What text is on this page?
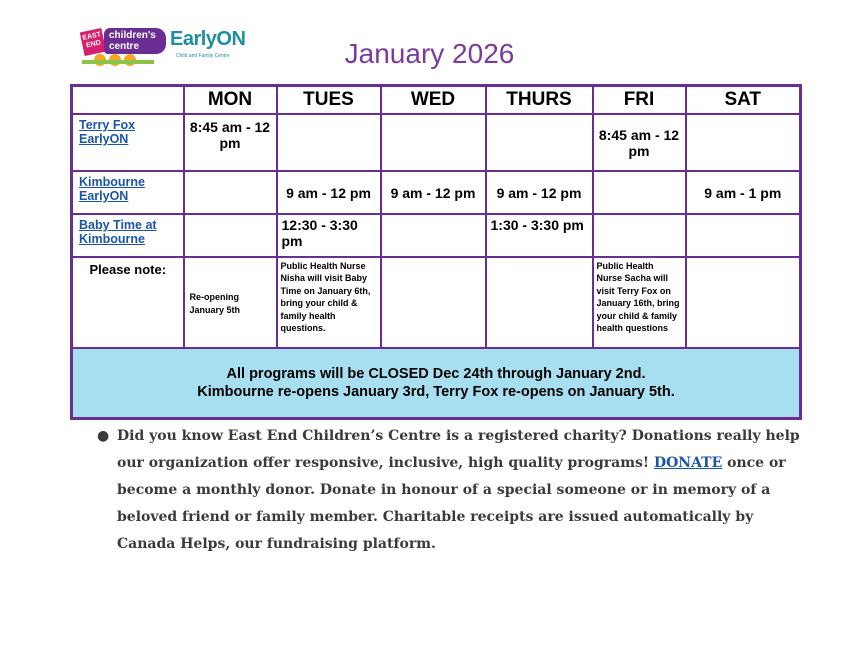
EAST END
children's centre	EarlyON
Child and Family Centre	January 2026
	MON	TUES	WED	THURS	FRI	SAT
Terry Fox EarlyON	8:45 am - 12 pm				8:45 am - 12 pm	
Kimbourne EarlyON		9 am - 12 pm	9 am - 12 pm	9 am - 12 pm		9 am - 1 pm
Baby Time at Kimbourne		12:30 - 3:30 pm		1:30 - 3:30 pm		
Please note:	Re-opening January 5th	Public Health Nurse Nisha will visit Baby Time on January 6th, bring your child & family health questions.			Public Health Nurse Sacha will visit Terry Fox on January 16th, bring your child & family health questions	

All programs will be CLOSED Dec 24th through January 2nd.
Kimbourne re-opens January 3rd, Terry Fox re-opens on January 5th.						
● Did you know East End Children’s Centre is a registered charity? Donations really help our organization offer responsive, inclusive, high quality programs! DONATE once or become a monthly donor. Donate in honour of a special someone or in memory of a beloved friend or family member. Charitable receipts are issued automatically by Canada Helps, our fundraising platform.
